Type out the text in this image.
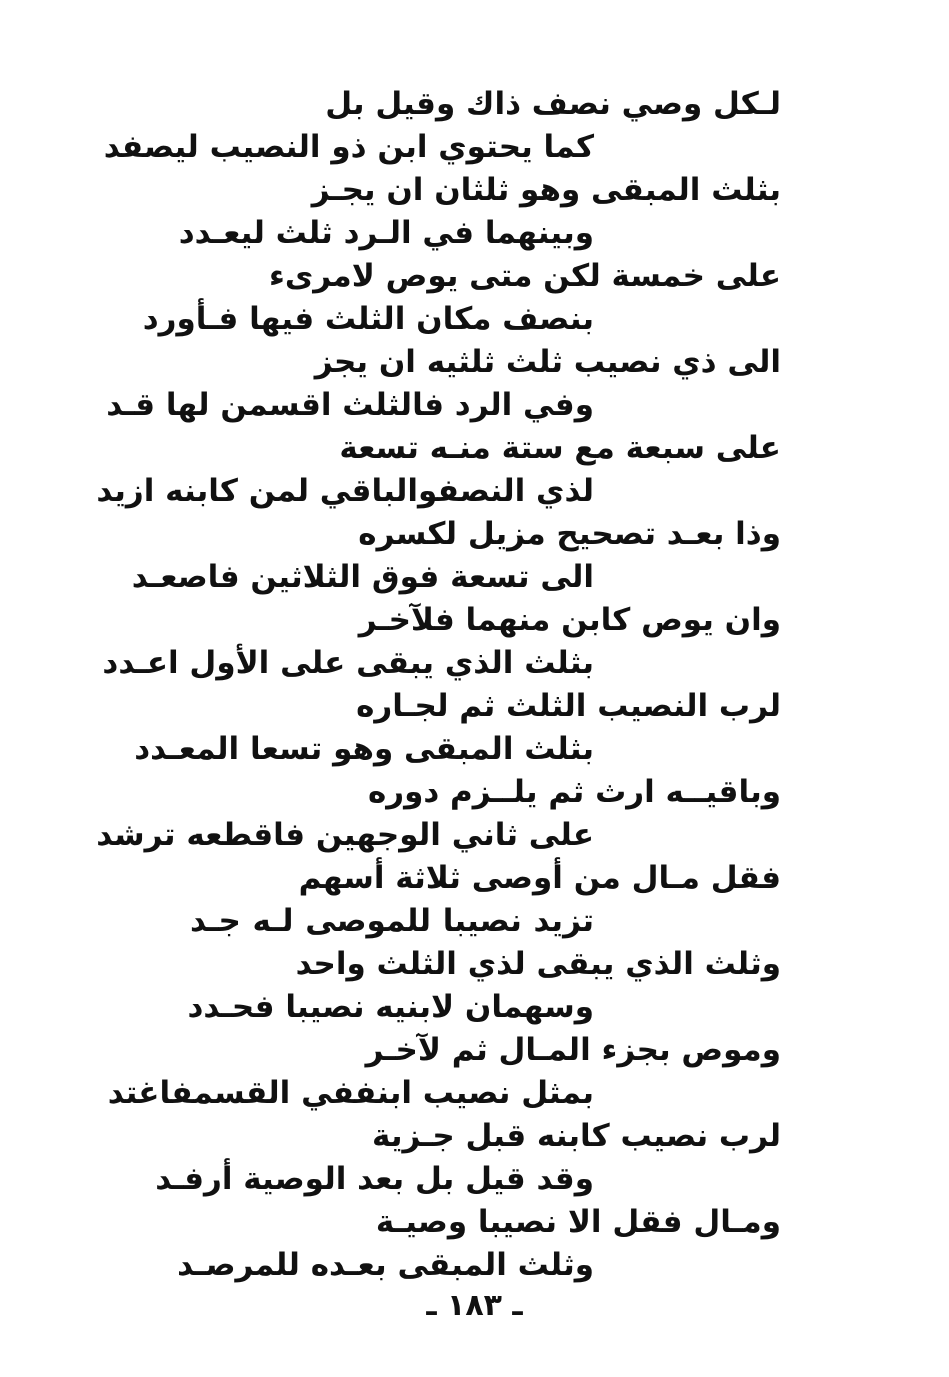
لـكل وصي نصف ذاك وقيل بل
كما يحتوي ابن ذو النصيب ليصفد
بثلث المبقى وهو ثلثان ان يجـز
وبينهما في الـرد ثلث ليعـدد
على خمسة لكن متى يوص لامرىء
بنصف مكان الثلث فيها فـأورد
الى ذي نصيب ثلث ثلثيه ان يجز
وفي الرد فالثلث اقسمن لها قـد
على سبعة مع ستة منـه تسعة
لذي النصفوالباقي لمن كابنه ازيد
وذا بعـد تصحيح مزيل لكسره
الى تسعة فوق الثلاثين فاصعـد
وان يوص كابن منهما فلآخـر
بثلث الذي يبقى على الأول اعـدد
لرب النصيب الثلث ثم لجـاره
بثلث المبقى وهو تسعا المعـدد
وباقيــه ارث ثم يلــزم دوره
على ثاني الوجهين فاقطعه ترشد
فقل مـال من أوصى ثلاثة أسهم
تزيد نصيبا للموصى لـه جـد
وثلث الذي يبقى لذي الثلث واحد
وسهمان لابنيه نصيبا فحـدد
وموص بجزء المـال ثم لآخـر
بمثل نصيب ابنففي القسمفاغتد
لرب نصيب كابنه قبل جـزية
وقد قيل بل بعد الوصية أرفـد
ومـال فقل الا نصيبا وصيـة
وثلث المبقى بعـده للمرصـد
ـ ١٨٣ ـ
